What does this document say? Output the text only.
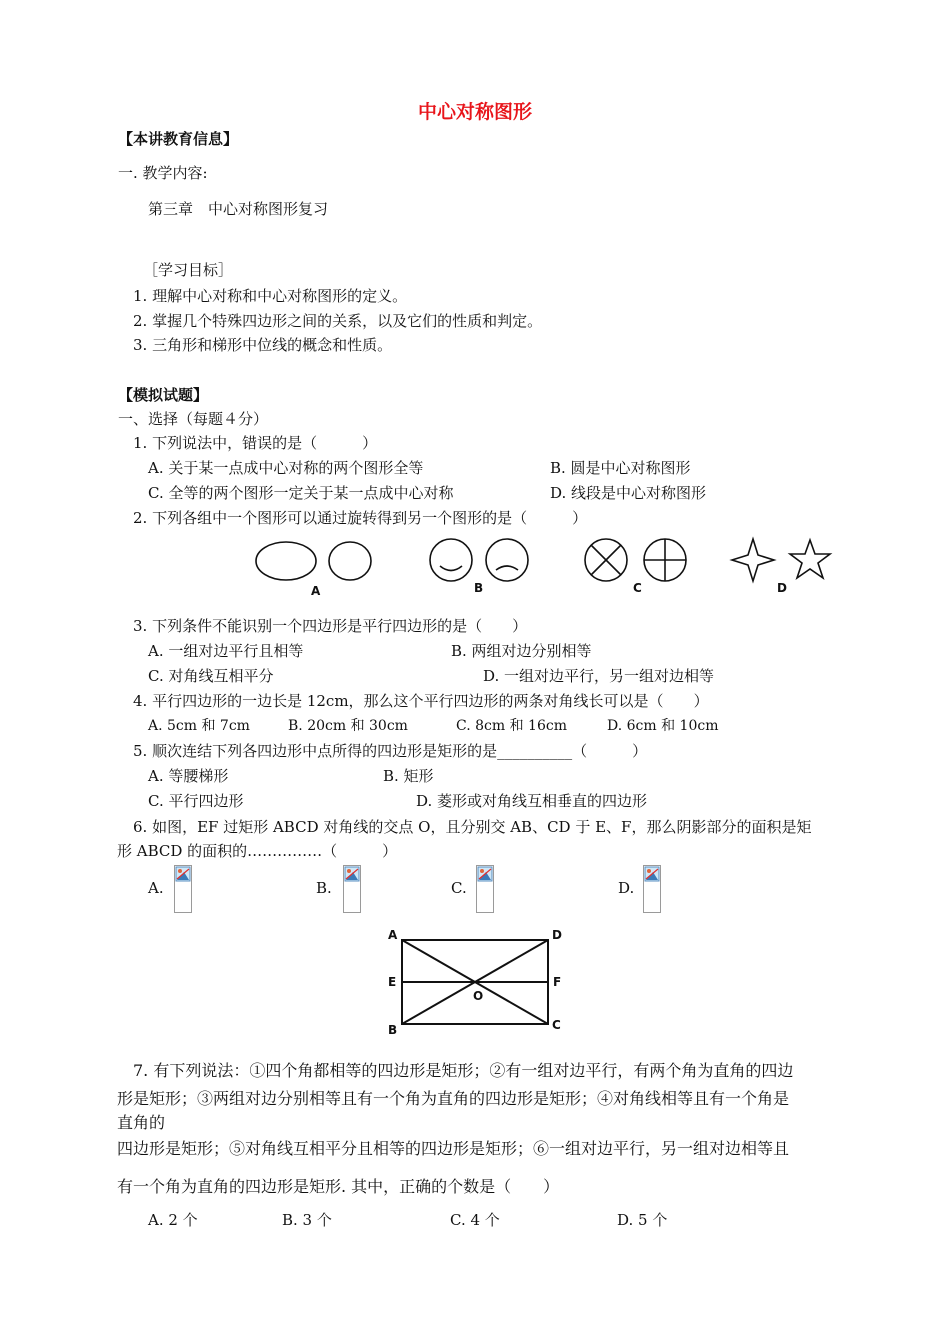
中心对称图形
【本讲教育信息】
一. 教学内容:
第三章　中心对称图形复习
［学习目标］
1. 理解中心对称和中心对称图形的定义。
2. 掌握几个特殊四边形之间的关系，以及它们的性质和判定。
3. 三角形和梯形中位线的概念和性质。
【模拟试题】
一、选择（每题４分）
1. 下列说法中，错误的是（　　　）
A. 关于某一点成中心对称的两个图形全等	B. 圆是中心对称图形
C. 全等的两个图形一定关于某一点成中心对称	D. 线段是中心对称图形
2. 下列各组中一个图形可以通过旋转得到另一个图形的是（　　　）
A	B	C	D
3. 下列条件不能识别一个四边形是平行四边形的是（　　）
A. 一组对边平行且相等	B. 两组对边分别相等
C. 对角线互相平分	D. 一组对边平行，另一组对边相等
4. 平行四边形的一边长是 12cm，那么这个平行四边形的两条对角线长可以是（　　）
A. 5cm 和 7cm	B. 20cm 和 30cm	C. 8cm 和 16cm	D. 6cm 和 10cm
5. 顺次连结下列各四边形中点所得的四边形是矩形的是__________（　　　）
A. 等腰梯形	B. 矩形
C. 平行四边形	D. 菱形或对角线互相垂直的四边形
6. 如图，EF 过矩形 ABCD 对角线的交点 O，且分别交 AB、CD 于 E、F，那么阴影部分的面积是矩
形 ABCD 的面积的……………（　　　）
A.	B.	C.	D.
A	D
E	F
O
B	C
7. 有下列说法：①四个角都相等的四边形是矩形；②有一组对边平行，有两个角为直角的四边
形是矩形；③两组对边分别相等且有一个角为直角的四边形是矩形；④对角线相等且有一个角是
直角的
四边形是矩形；⑤对角线互相平分且相等的四边形是矩形；⑥一组对边平行，另一组对边相等且
有一个角为直角的四边形是矩形. 其中，正确的个数是（　　）
A. 2 个	B. 3 个	C. 4 个	D. 5 个
